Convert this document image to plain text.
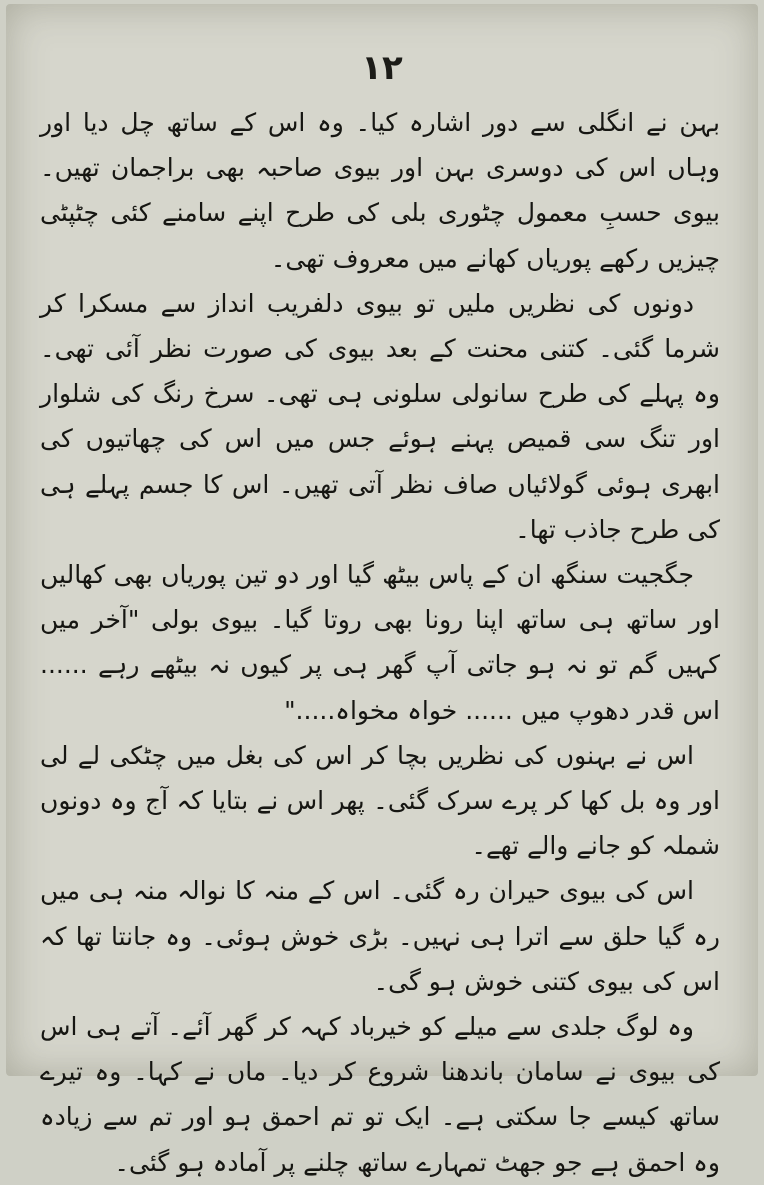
۱۲

بہن نے انگلی سے دور اشارہ کیا۔ وہ اس کے ساتھ چل دیا اور وہاں اس کی دوسری بہن اور بیوی صاحبہ بھی براجمان تھیں۔ بیوی حسبِ معمول چٹوری بلی کی طرح اپنے سامنے کئی چٹپٹی چیزیں رکھے پوریاں کھانے میں معروف تھی۔

دونوں کی نظریں ملیں تو بیوی دلفریب انداز سے مسکرا کر شرما گئی۔ کتنی محنت کے بعد بیوی کی صورت نظر آئی تھی۔ وہ پہلے کی طرح سانولی سلونی ہی تھی۔ سرخ رنگ کی شلوار اور تنگ سی قمیص پہنے ہوئے جس میں اس کی چھاتیوں کی ابھری ہوئی گولائیاں صاف نظر آتی تھیں۔ اس کا جسم پہلے ہی کی طرح جاذب تھا۔

جگجیت سنگھ ان کے پاس بیٹھ گیا اور دو تین پوریاں بھی کھالیں اور ساتھ ہی ساتھ اپنا رونا بھی روتا گیا۔ بیوی بولی "آخر میں کہیں گم تو نہ ہو جاتی آپ گھر ہی پر کیوں نہ بیٹھے رہے ...... اس قدر دھوپ میں ...... خواہ مخواہ....."

اس نے بہنوں کی نظریں بچا کر اس کی بغل میں چٹکی لے لی اور وہ بل کھا کر پرے سرک گئی۔ پھر اس نے بتایا کہ آج وہ دونوں شملہ کو جانے والے تھے۔

اس کی بیوی حیران رہ گئی۔ اس کے منہ کا نوالہ منہ ہی میں رہ گیا حلق سے اترا ہی نہیں۔ بڑی خوش ہوئی۔ وہ جانتا تھا کہ اس کی بیوی کتنی خوش ہو گی۔

وہ لوگ جلدی سے میلے کو خیرباد کہہ کر گھر آئے۔ آتے ہی اس کی بیوی نے سامان باندھنا شروع کر دیا۔ ماں نے کہا۔ وہ تیرے ساتھ کیسے جا سکتی ہے۔ ایک تو تم احمق ہو اور تم سے زیادہ وہ احمق ہے جو جھٹ تمہارے ساتھ چلنے پر آمادہ ہو گئی۔
